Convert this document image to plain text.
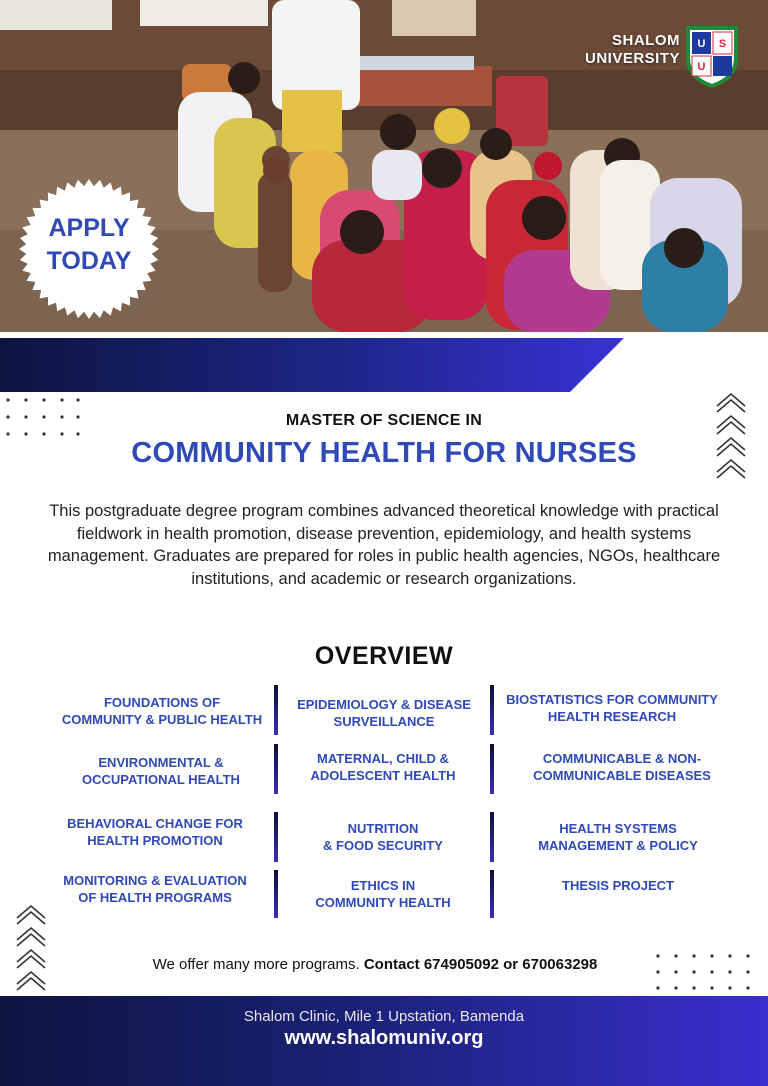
SHALOM
UNIVERSITY
U S
U
APPLY
TODAY
MASTER OF SCIENCE IN
COMMUNITY HEALTH FOR NURSES
This postgraduate degree program combines advanced theoretical knowledge with practical fieldwork in health promotion, disease prevention, epidemiology, and health systems management. Graduates are prepared for roles in public health agencies, NGOs, healthcare institutions, and academic or research organizations.
OVERVIEW
FOUNDATIONS OF
COMMUNITY & PUBLIC HEALTH
EPIDEMIOLOGY & DISEASE
SURVEILLANCE
BIOSTATISTICS FOR COMMUNITY
HEALTH RESEARCH
ENVIRONMENTAL &
OCCUPATIONAL HEALTH
MATERNAL, CHILD &
ADOLESCENT HEALTH
COMMUNICABLE & NON-
COMMUNICABLE DISEASES
BEHAVIORAL CHANGE FOR
HEALTH PROMOTION
NUTRITION
& FOOD SECURITY
HEALTH SYSTEMS
MANAGEMENT & POLICY
MONITORING & EVALUATION
OF HEALTH PROGRAMS
ETHICS IN
COMMUNITY HEALTH
THESIS PROJECT
We offer many more programs. Contact 674905092 or 670063298
Shalom Clinic, Mile 1 Upstation, Bamenda
www.shalomuniv.org
